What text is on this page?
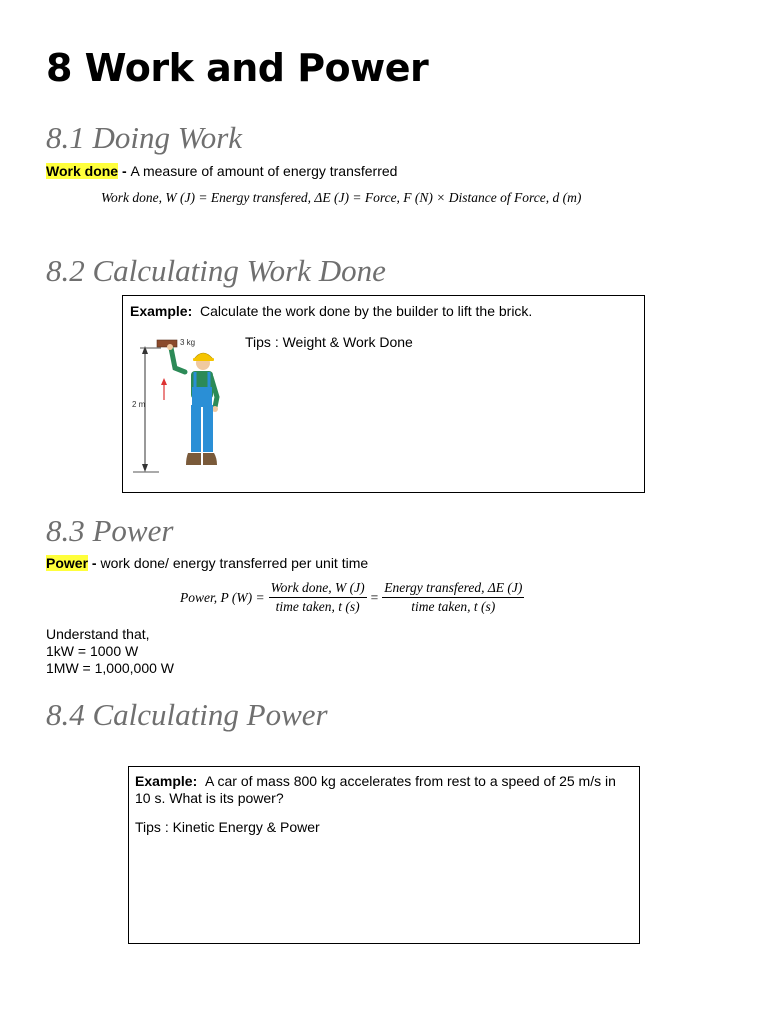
8 Work and Power
8.1 Doing Work
Work done - A measure of amount of energy transferred
Work done, W (J) = Energy transfered, ΔE (J) = Force, F (N) × Distance of Force, d (m)
8.2 Calculating Work Done
Example: Calculate the work done by the builder to lift the brick.
Tips : Weight & Work Done
2 m
3 kg
8.3 Power
Power - work done/ energy transferred per unit time
Power, P $(W) = \frac{\text{Work done, W (J)}}{\text{time taken, t (s)}} = \frac{\text{Energy transfered, ΔE (J)}}{\text{time taken, t (s)}}$
Understand that,
1kW = 1000 W
1MW = 1,000,000 W
8.4 Calculating Power
Example: A car of mass 800 kg accelerates from rest to a speed of 25 m/s in 10 s. What is its power?
Tips : Kinetic Energy & Power
